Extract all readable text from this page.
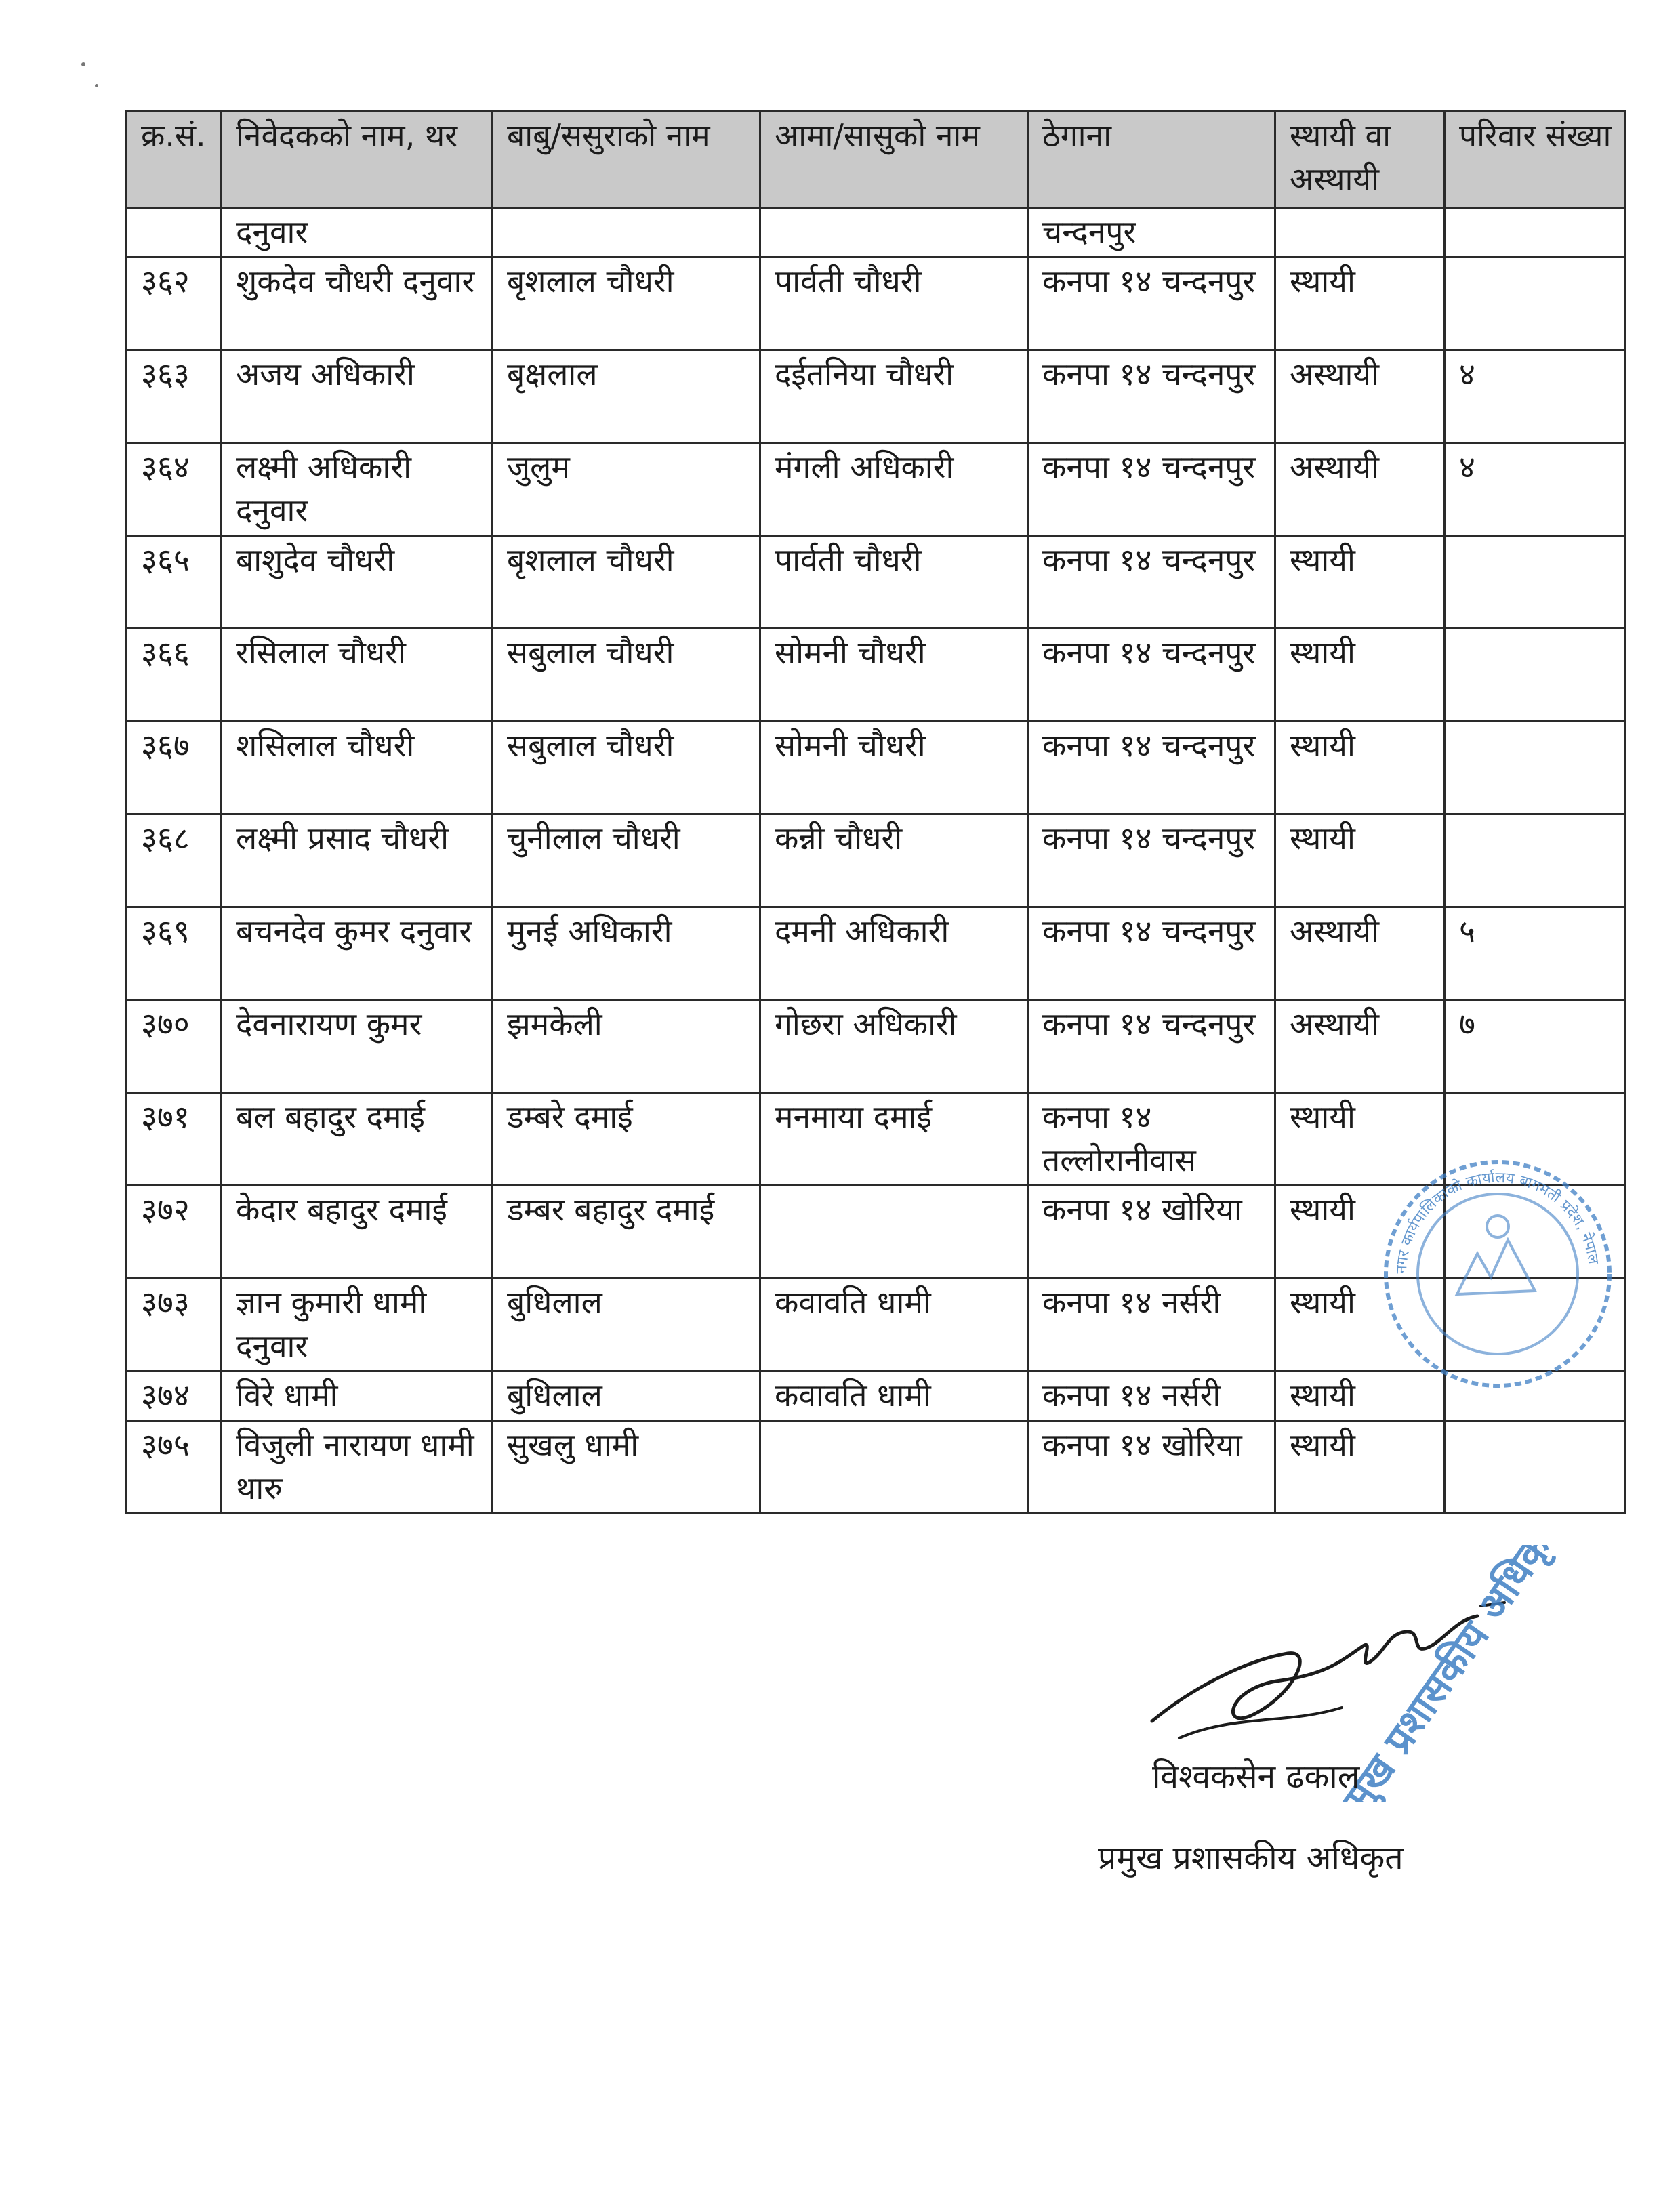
क्र.सं.	निवेदकको नाम, थर	बाबु/ससुराको नाम	आमा/सासुको नाम	ठेगाना	स्थायी वा अस्थायी	परिवार संख्या
	दनुवार			चन्दनपुर		
३६२	शुकदेव चौधरी दनुवार	बृशलाल चौधरी	पार्वती चौधरी	कनपा १४ चन्दनपुर	स्थायी	
३६३	अजय अधिकारी	बृक्षलाल	दईतनिया चौधरी	कनपा १४ चन्दनपुर	अस्थायी	४
३६४	लक्ष्मी अधिकारी दनुवार	जुलुम	मंगली अधिकारी	कनपा १४ चन्दनपुर	अस्थायी	४
३६५	बाशुदेव चौधरी	बृशलाल चौधरी	पार्वती चौधरी	कनपा १४ चन्दनपुर	स्थायी	
३६६	रसिलाल चौधरी	सबुलाल चौधरी	सोमनी चौधरी	कनपा १४ चन्दनपुर	स्थायी	
३६७	शसिलाल चौधरी	सबुलाल चौधरी	सोमनी चौधरी	कनपा १४ चन्दनपुर	स्थायी	
३६८	लक्ष्मी प्रसाद चौधरी	चुनीलाल चौधरी	कन्नी चौधरी	कनपा १४ चन्दनपुर	स्थायी	
३६९	बचनदेव कुमर दनुवार	मुनई अधिकारी	दमनी अधिकारी	कनपा १४ चन्दनपुर	अस्थायी	५
३७०	देवनारायण कुमर	झमकेली	गोछरा अधिकारी	कनपा १४ चन्दनपुर	अस्थायी	७
३७१	बल बहादुर दमाई	डम्बरे दमाई	मनमाया दमाई	कनपा १४ तल्लोरानीवास	स्थायी	
३७२	केदार बहादुर दमाई	डम्बर बहादुर दमाई		कनपा १४ खोरिया	स्थायी	
३७३	ज्ञान कुमारी धामी दनुवार	बुधिलाल	कवावति धामी	कनपा १४ नर्सरी	स्थायी	
३७४	विरे धामी	बुधिलाल	कवावति धामी	कनपा १४ नर्सरी	स्थायी	
३७५	विजुली नारायण धामी थारु	सुखलु धामी		कनपा १४ खोरिया	स्थायी	
नगर कार्यपालिकाको कार्यालय बागमती प्रदेश, नेपाल
प्रमुख प्रशासकीय अधिकृत
विश्वकसेन ढकाल
प्रमुख प्रशासकीय अधिकृत
